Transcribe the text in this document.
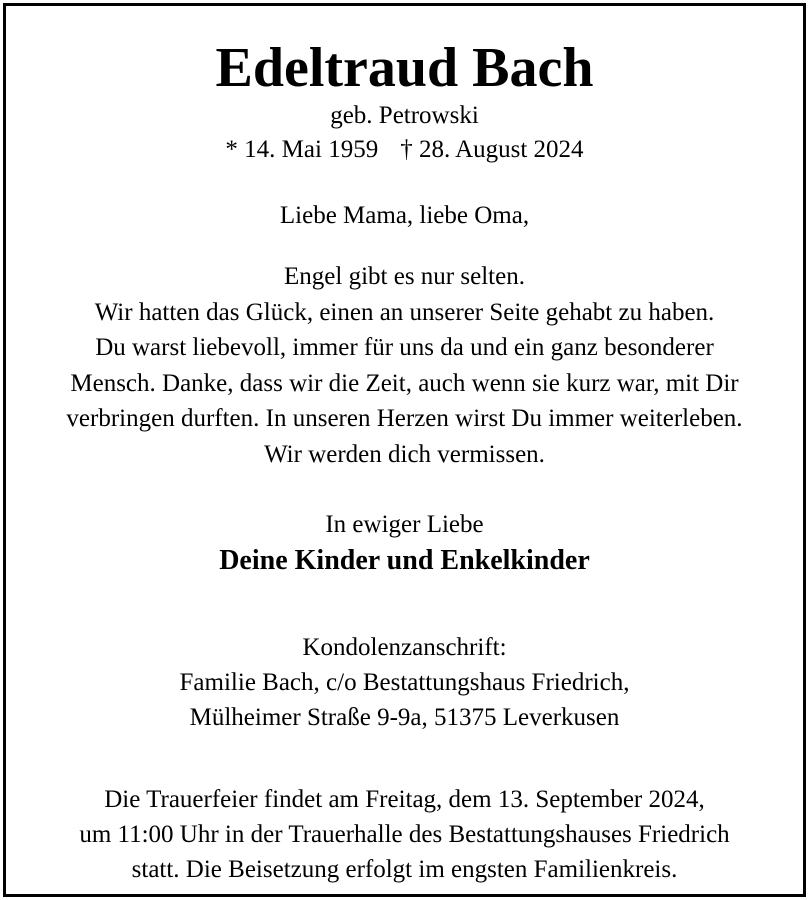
Edeltraud Bach
geb. Petrowski
* 14. Mai 1959 † 28. August 2024
Liebe Mama, liebe Oma,
Engel gibt es nur selten.
Wir hatten das Glück, einen an unserer Seite gehabt zu haben.
Du warst liebevoll, immer für uns da und ein ganz besonderer
Mensch. Danke, dass wir die Zeit, auch wenn sie kurz war, mit Dir
verbringen durften. In unseren Herzen wirst Du immer weiterleben.
Wir werden dich vermissen.
In ewiger Liebe
Deine Kinder und Enkelkinder
Kondolenzanschrift:
Familie Bach, c/o Bestattungshaus Friedrich,
Mülheimer Straße 9-9a, 51375 Leverkusen
Die Trauerfeier findet am Freitag, dem 13. September 2024,
um 11:00 Uhr in der Trauerhalle des Bestattungshauses Friedrich
statt. Die Beisetzung erfolgt im engsten Familienkreis.
